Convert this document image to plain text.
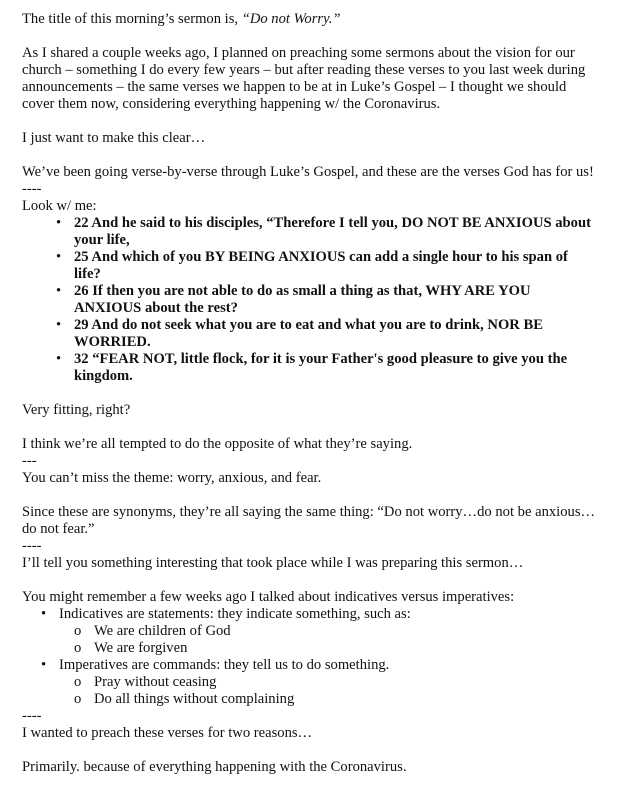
The title of this morning’s sermon is, “Do not Worry.”

As I shared a couple weeks ago, I planned on preaching some sermons about the vision for our church – something I do every few years – but after reading these verses to you last week during announcements – the same verses we happen to be at in Luke’s Gospel – I thought we should cover them now, considering everything happening w/ the Coronavirus.

I just want to make this clear…

We’ve been going verse-by-verse through Luke’s Gospel, and these are the verses God has for us!

----
Look w/ me:
• 22 And he said to his disciples, “Therefore I tell you, DO NOT BE ANXIOUS about your life,
• 25 And which of you BY BEING ANXIOUS can add a single hour to his span of life?
• 26 If then you are not able to do as small a thing as that, WHY ARE YOU ANXIOUS about the rest?
• 29 And do not seek what you are to eat and what you are to drink, NOR BE WORRIED.
• 32 “FEAR NOT, little flock, for it is your Father's good pleasure to give you the kingdom.

Very fitting, right?

I think we’re all tempted to do the opposite of what they’re saying.

---

You can’t miss the theme: worry, anxious, and fear.

Since these are synonyms, they’re all saying the same thing: “Do not worry…do not be anxious…do not fear.”

----

I’ll tell you something interesting that took place while I was preparing this sermon…

You might remember a few weeks ago I talked about indicatives versus imperatives:
• Indicatives are statements: they indicate something, such as:
o We are children of God
o We are forgiven
• Imperatives are commands: they tell us to do something.
o Pray without ceasing
o Do all things without complaining
----

I wanted to preach these verses for two reasons…

Primarily. because of everything happening with the Coronavirus.
